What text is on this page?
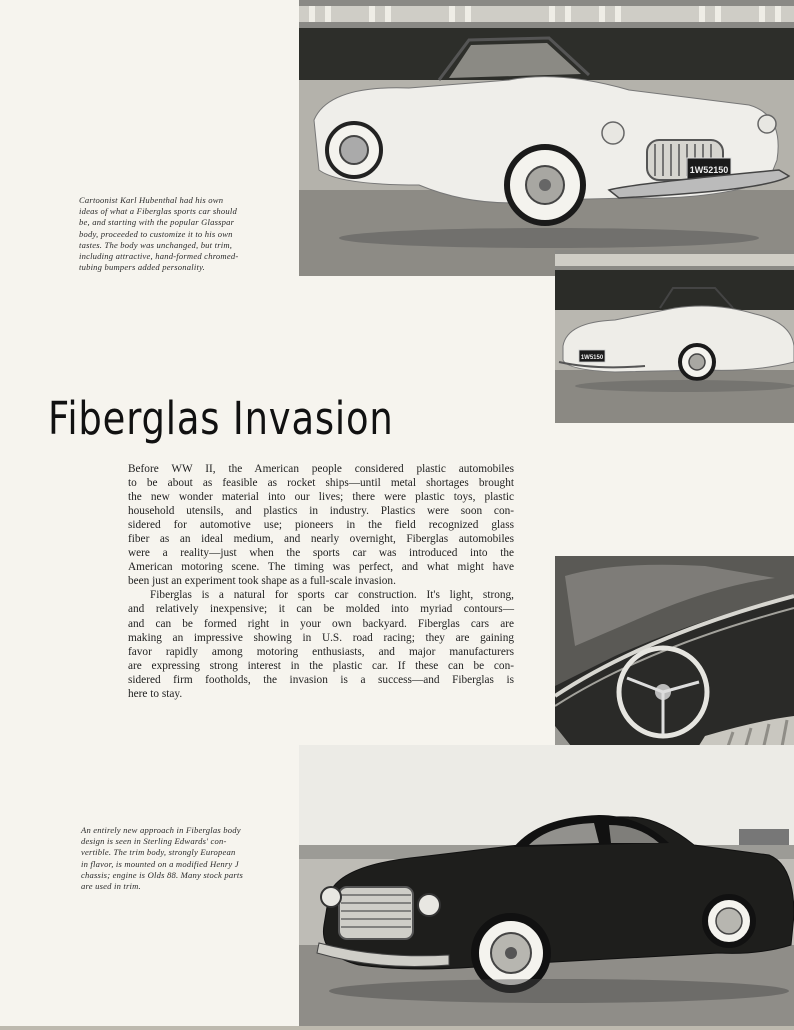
1W52150
1W5150

Cartoonist Karl Hubenthal had his own
ideas of what a Fiberglas sports car should
be, and starting with the popular Glasspar
body, proceeded to customize it to his own
tastes. The body was unchanged, but trim,
including attractive, hand-formed chromed-
tubing bumpers added personality.

Fiberglas Invasion
Before WW II, the American people considered plastic automobiles
to be about as feasible as rocket ships—until metal shortages brought
the new wonder material into our lives; there were plastic toys, plastic
household utensils, and plastics in industry. Plastics were soon con-
sidered for automotive use; pioneers in the field recognized glass
fiber as an ideal medium, and nearly overnight, Fiberglas automobiles
were a reality—just when the sports car was introduced into the
American motoring scene. The timing was perfect, and what might have
been just an experiment took shape as a full-scale invasion.
Fiberglas is a natural for sports car construction. It's light, strong,
and relatively inexpensive; it can be molded into myriad contours—
and can be formed right in your own backyard. Fiberglas cars are
making an impressive showing in U.S. road racing; they are gaining
favor rapidly among motoring enthusiasts, and major manufacturers
are expressing strong interest in the plastic car. If these can be con-
sidered firm footholds, the invasion is a success—and Fiberglas is
here to stay.

An entirely new approach in Fiberglas body
design is seen in Sterling Edwards' con-
vertible. The trim body, strongly European
in flavor, is mounted on a modified Henry J
chassis; engine is Olds 88. Many stock parts
are used in trim.
